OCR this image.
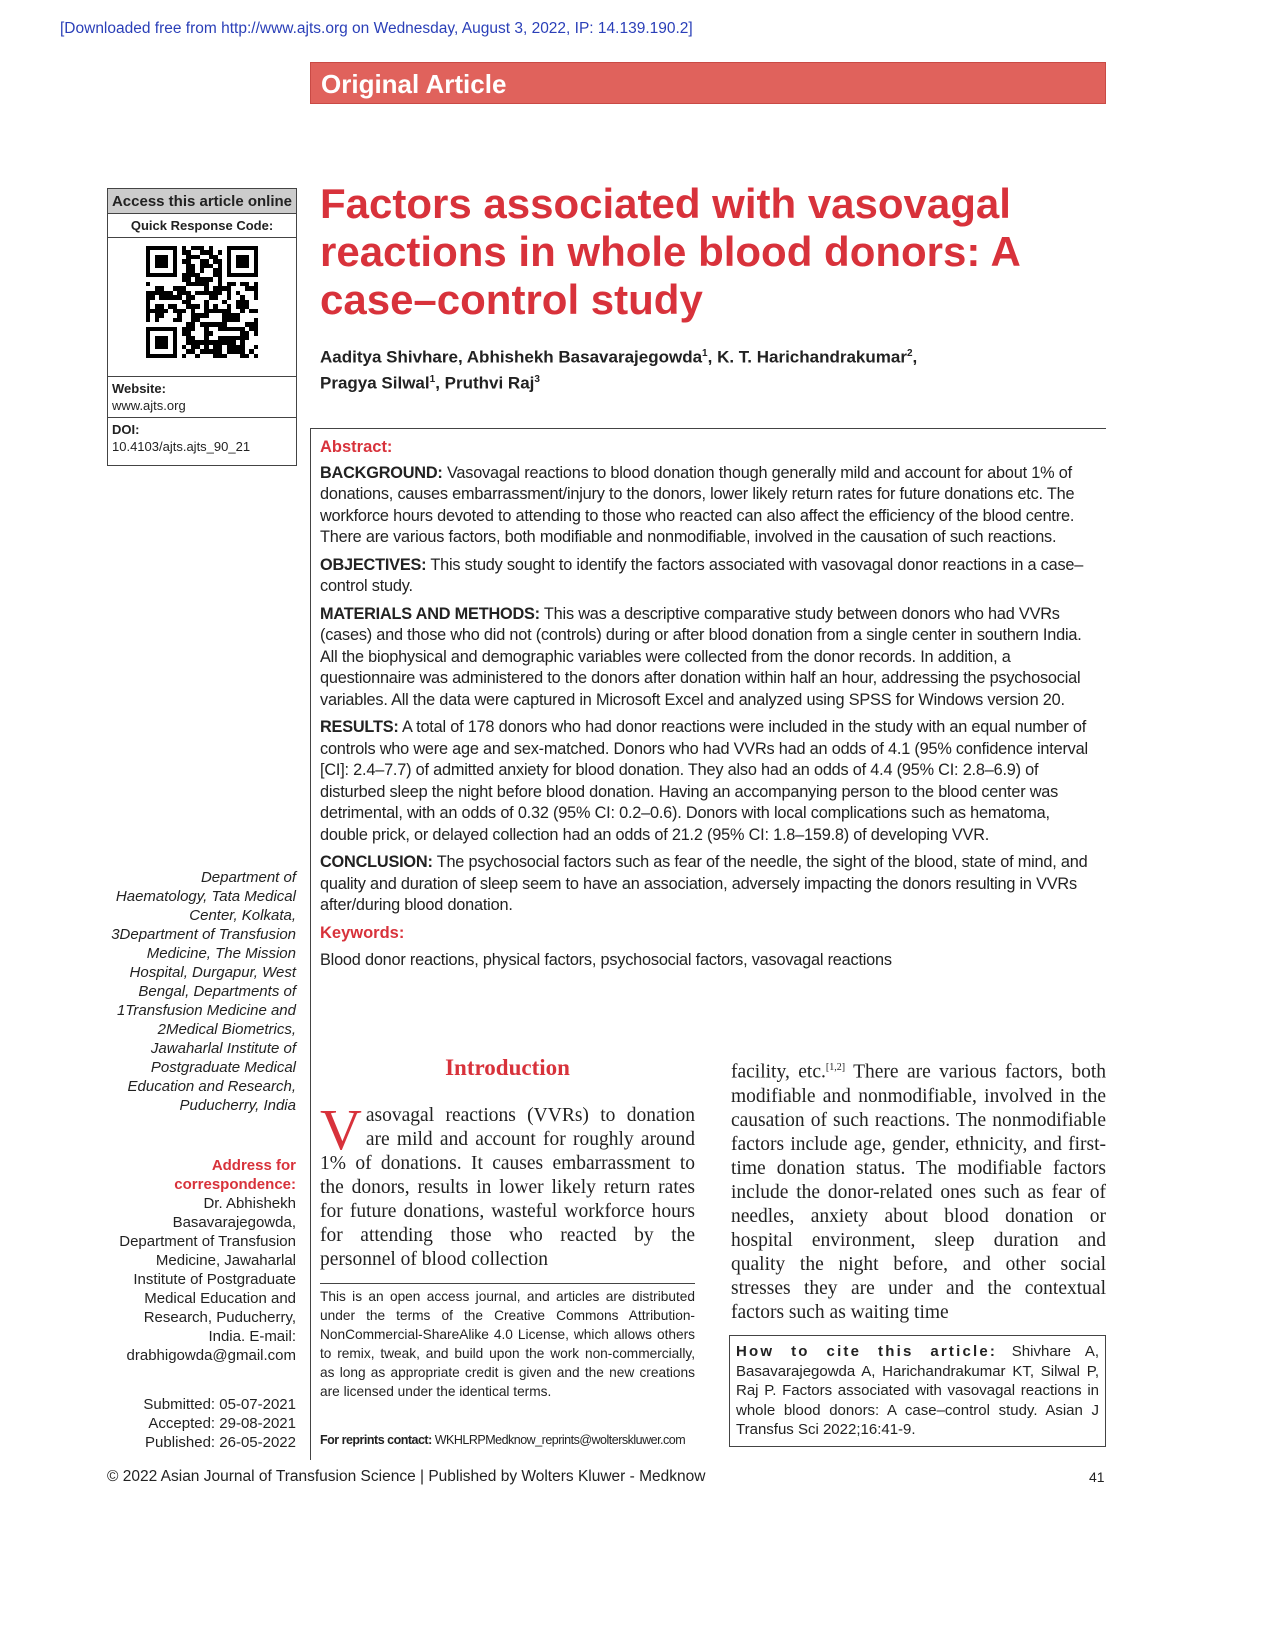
[Downloaded free from http://www.ajts.org on Wednesday, August 3, 2022, IP: 14.139.190.2]
Original Article
Access this article online
Quick Response Code:
Website:
www.ajts.org
DOI:
10.4103/ajts.ajts_90_21
Factors associated with vasovagal reactions in whole blood donors: A case–control study
Aaditya Shivhare, Abhishekh Basavarajegowda$^1$, K. T. Harichandrakumar$^2$,
Pragya Silwal$^1$, Pruthvi Raj$^3$
Abstract:

BACKGROUND: Vasovagal reactions to blood donation though generally mild and account for about 1% of donations, causes embarrassment/injury to the donors, lower likely return rates for future donations etc. The workforce hours devoted to attending to those who reacted can also affect the efficiency of the blood centre. There are various factors, both modifiable and nonmodifiable, involved in the causation of such reactions.

OBJECTIVES: This study sought to identify the factors associated with vasovagal donor reactions in a case–control study.

MATERIALS AND METHODS: This was a descriptive comparative study between donors who had VVRs (cases) and those who did not (controls) during or after blood donation from a single center in southern India. All the biophysical and demographic variables were collected from the donor records. In addition, a questionnaire was administered to the donors after donation within half an hour, addressing the psychosocial variables. All the data were captured in Microsoft Excel and analyzed using SPSS for Windows version 20.

RESULTS: A total of 178 donors who had donor reactions were included in the study with an equal number of controls who were age and sex-matched. Donors who had VVRs had an odds of 4.1 (95% confidence interval [CI]: 2.4–7.7) of admitted anxiety for blood donation. They also had an odds of 4.4 (95% CI: 2.8–6.9) of disturbed sleep the night before blood donation. Having an accompanying person to the blood center was detrimental, with an odds of 0.32 (95% CI: 0.2–0.6). Donors with local complications such as hematoma, double prick, or delayed collection had an odds of 21.2 (95% CI: 1.8–159.8) of developing VVR.

CONCLUSION: The psychosocial factors such as fear of the needle, the sight of the blood, state of mind, and quality and duration of sleep seem to have an association, adversely impacting the donors resulting in VVRs after/during blood donation.

Keywords:

Blood donor reactions, physical factors, psychosocial factors, vasovagal reactions

Department of Haematology, Tata Medical Center, Kolkata, 3Department of Transfusion Medicine, The Mission Hospital, Durgapur, West Bengal, Departments of 1Transfusion Medicine and 2Medical Biometrics, Jawaharlal Institute of Postgraduate Medical Education and Research, Puducherry, India
Address for correspondence:
Dr. Abhishekh Basavarajegowda, Department of Transfusion Medicine, Jawaharlal Institute of Postgraduate Medical Education and Research, Puducherry, India. E-mail: drabhigowda@gmail.com
Submitted: 05-07-2021
Accepted: 29-08-2021
Published: 26-05-2022
Introduction
Vasovagal reactions (VVRs) to donation are mild and account for roughly around 1% of donations. It causes embarrassment to the donors, results in lower likely return rates for future donations, wasteful workforce hours for attending those who reacted by the personnel of blood collection
facility, etc.[1,2] There are various factors, both modifiable and nonmodifiable, involved in the causation of such reactions. The nonmodifiable factors include age, gender, ethnicity, and first-time donation status. The modifiable factors include the donor-related ones such as fear of needles, anxiety about blood donation or hospital environment, sleep duration and quality the night before, and other social stresses they are under and the contextual factors such as waiting time
This is an open access journal, and articles are distributed under the terms of the Creative Commons Attribution-NonCommercial-ShareAlike 4.0 License, which allows others to remix, tweak, and build upon the work non-commercially, as long as appropriate credit is given and the new creations are licensed under the identical terms.
For reprints contact: WKHLRPMedknow_reprints@wolterskluwer.com
How to cite this article: Shivhare A, Basavarajegowda A, Harichandrakumar KT, Silwal P, Raj P. Factors associated with vasovagal reactions in whole blood donors: A case–control study. Asian J Transfus Sci 2022;16:41-9.
© 2022 Asian Journal of Transfusion Science | Published by Wolters Kluwer - Medknow	41
